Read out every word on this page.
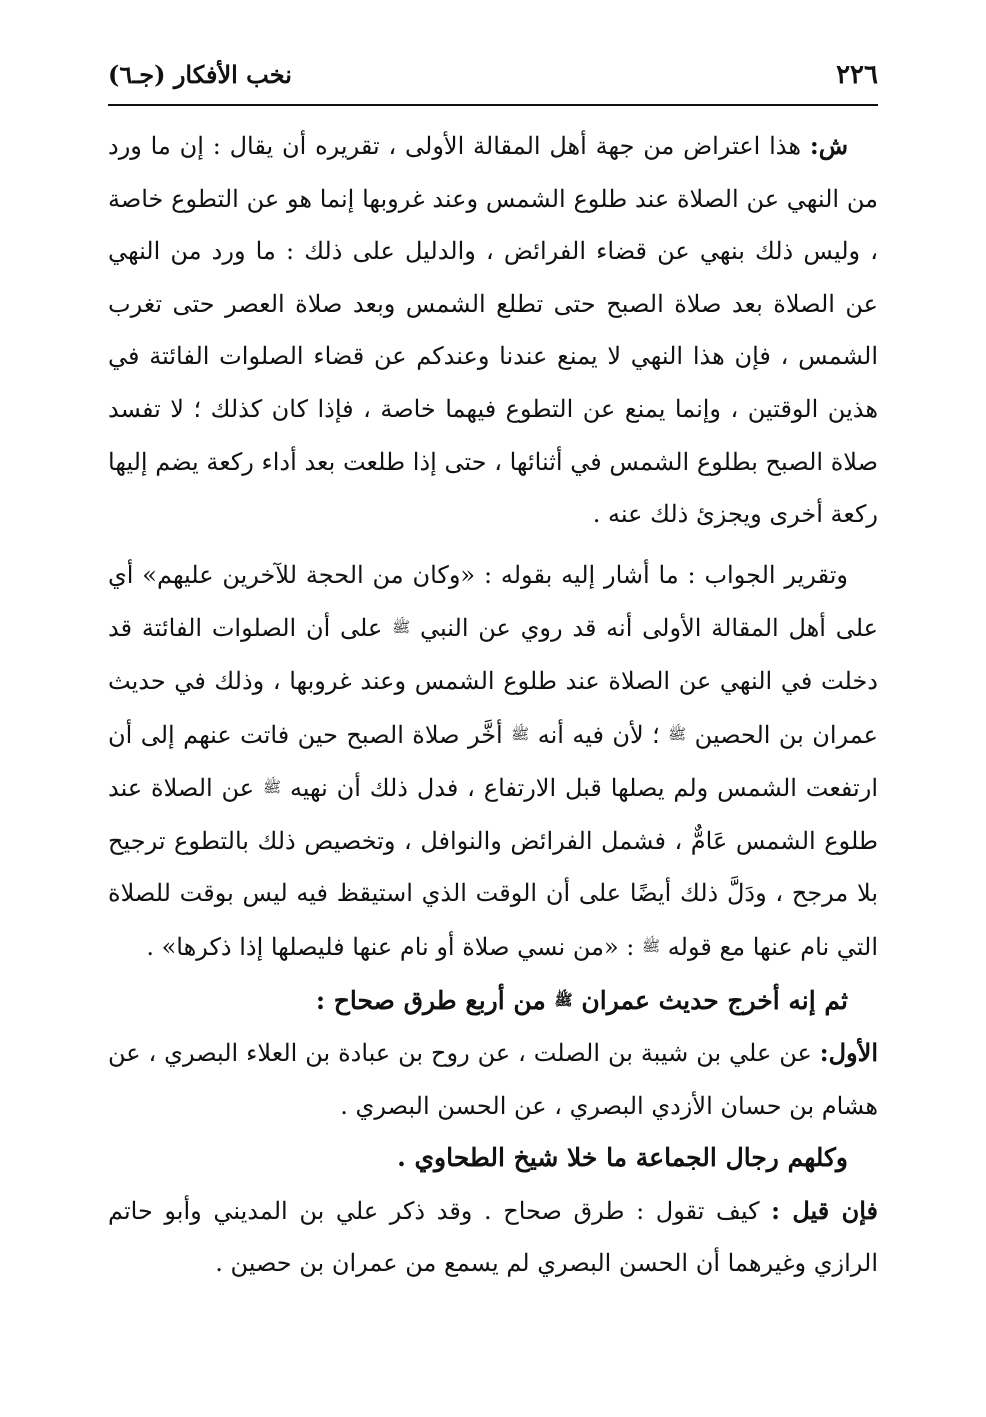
٢٢٦
نخب الأفكار (جـ٦)

ش: هذا اعتراض من جهة أهل المقالة الأولى ، تقريره أن يقال : إن ما ورد من النهي عن الصلاة عند طلوع الشمس وعند غروبها إنما هو عن التطوع خاصة ، وليس ذلك بنهي عن قضاء الفرائض ، والدليل على ذلك : ما ورد من النهي عن الصلاة بعد صلاة الصبح حتى تطلع الشمس وبعد صلاة العصر حتى تغرب الشمس ، فإن هذا النهي لا يمنع عندنا وعندكم عن قضاء الصلوات الفائتة في هذين الوقتين ، وإنما يمنع عن التطوع فيهما خاصة ، فإذا كان كذلك ؛ لا تفسد صلاة الصبح بطلوع الشمس في أثنائها ، حتى إذا طلعت بعد أداء ركعة يضم إليها ركعة أخرى ويجزئ ذلك عنه .

وتقرير الجواب : ما أشار إليه بقوله : «وكان من الحجة للآخرين عليهم» أي على أهل المقالة الأولى أنه قد روي عن النبي ﷺ على أن الصلوات الفائتة قد دخلت في النهي عن الصلاة عند طلوع الشمس وعند غروبها ، وذلك في حديث عمران بن الحصين ﷺ ؛ لأن فيه أنه ﷺ أخَّر صلاة الصبح حين فاتت عنهم إلى أن ارتفعت الشمس ولم يصلها قبل الارتفاع ، فدل ذلك أن نهيه ﷺ عن الصلاة عند طلوع الشمس عَامٌّ ، فشمل الفرائض والنوافل ، وتخصيص ذلك بالتطوع ترجيح بلا مرجح ، ودَلَّ ذلك أيضًا على أن الوقت الذي استيقظ فيه ليس بوقت للصلاة التي نام عنها مع قوله ﷺ : «من نسي صلاة أو نام عنها فليصلها إذا ذكرها» .

ثم إنه أخرج حديث عمران ﷺ من أربع طرق صحاح :

الأول: عن علي بن شيبة بن الصلت ، عن روح بن عبادة بن العلاء البصري ، عن هشام بن حسان الأزدي البصري ، عن الحسن البصري .

وكلهم رجال الجماعة ما خلا شيخ الطحاوي .

فإن قيل : كيف تقول : طرق صحاح . وقد ذكر علي بن المديني وأبو حاتم الرازي وغيرهما أن الحسن البصري لم يسمع من عمران بن حصين .
